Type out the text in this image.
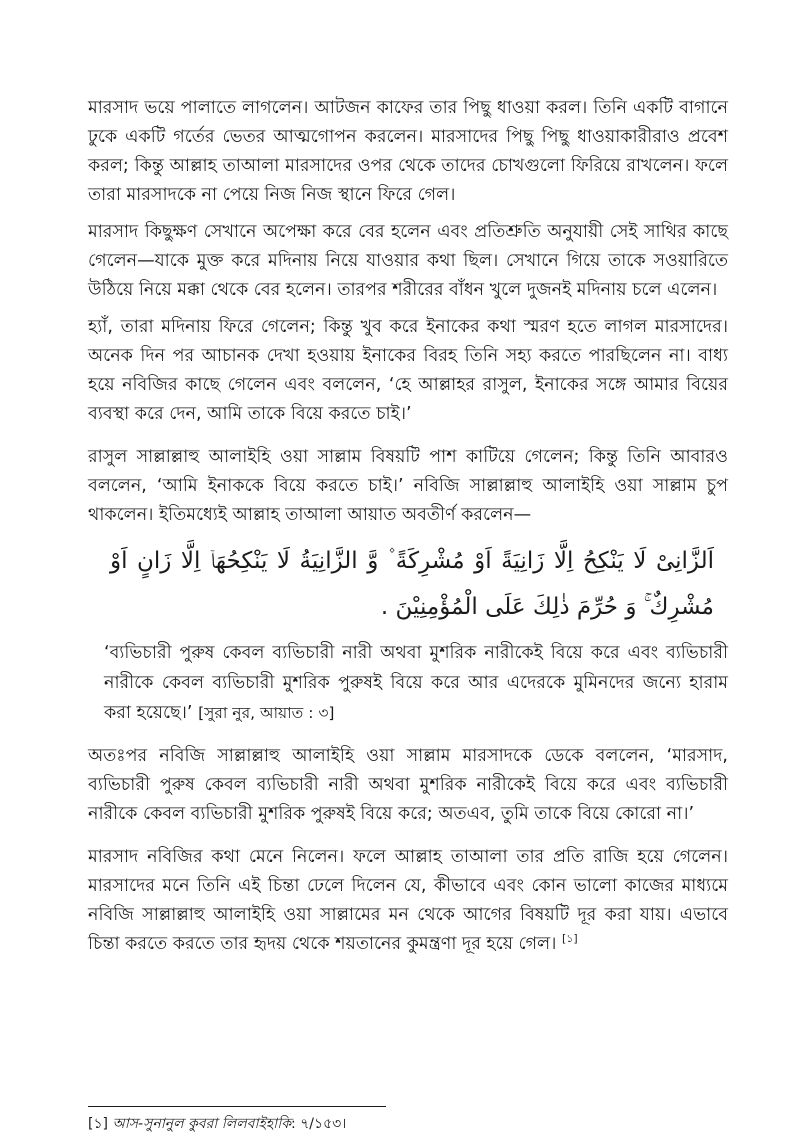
মারসাদ ভয়ে পালাতে লাগলেন। আটজন কাফের তার পিছু ধাওয়া করল। তিনি একটি বাগানে ঢুকে একটি গর্তের ভেতর আত্মগোপন করলেন। মারসাদের পিছু পিছু ধাওয়াকারীরাও প্রবেশ করল; কিন্তু আল্লাহ তাআলা মারসাদের ওপর থেকে তাদের চোখগুলো ফিরিয়ে রাখলেন। ফলে তারা মারসাদকে না পেয়ে নিজ নিজ স্থানে ফিরে গেল।

মারসাদ কিছুক্ষণ সেখানে অপেক্ষা করে বের হলেন এবং প্রতিশ্রুতি অনুযায়ী সেই সাথির কাছে গেলেন—যাকে মুক্ত করে মদিনায় নিয়ে যাওয়ার কথা ছিল। সেখানে গিয়ে তাকে সওয়ারিতে উঠিয়ে নিয়ে মক্কা থেকে বের হলেন। তারপর শরীরের বাঁধন খুলে দুজনই মদিনায় চলে এলেন।

হ্যাঁ, তারা মদিনায় ফিরে গেলেন; কিন্তু খুব করে ইনাকের কথা স্মরণ হতে লাগল মারসাদের। অনেক দিন পর আচানক দেখা হওয়ায় ইনাকের বিরহ তিনি সহ্য করতে পারছিলেন না। বাধ্য হয়ে নবিজির কাছে গেলেন এবং বললেন, ‘হে আল্লাহর রাসুল, ইনাকের সঙ্গে আমার বিয়ের ব্যবস্থা করে দেন, আমি তাকে বিয়ে করতে চাই।’

রাসুল সাল্লাল্লাহু আলাইহি ওয়া সাল্লাম বিষয়টি পাশ কাটিয়ে গেলেন; কিন্তু তিনি আবারও বললেন, ‘আমি ইনাককে বিয়ে করতে চাই।’ নবিজি সাল্লাল্লাহু আলাইহি ওয়া সাল্লাম চুপ থাকলেন। ইতিমধ্যেই আল্লাহ তাআলা আয়াত অবতীর্ণ করলেন—

اَلزَّانِیْ لَا یَنْكِحُ اِلَّا زَانِیَةً اَوْ مُشْرِكَةً ۫ وَّ الزَّانِیَةُ لَا یَنْكِحُهَاۤ اِلَّا زَانٍ اَوْ مُشْرِكٌ ۚ وَ حُرِّمَ ذٰلِكَ عَلَی الْمُؤْمِنِیْنَ .

‘ব্যভিচারী পুরুষ কেবল ব্যভিচারী নারী অথবা মুশরিক নারীকেই বিয়ে করে এবং ব্যভিচারী নারীকে কেবল ব্যভিচারী মুশরিক পুরুষই বিয়ে করে আর এদেরকে মুমিনদের জন্যে হারাম করা হয়েছে।’ [সুরা নুর, আয়াত : ৩]

অতঃপর নবিজি সাল্লাল্লাহু আলাইহি ওয়া সাল্লাম মারসাদকে ডেকে বললেন, ‘মারসাদ, ব্যভিচারী পুরুষ কেবল ব্যভিচারী নারী অথবা মুশরিক নারীকেই বিয়ে করে এবং ব্যভিচারী নারীকে কেবল ব্যভিচারী মুশরিক পুরুষই বিয়ে করে; অতএব, তুমি তাকে বিয়ে কোরো না।’

মারসাদ নবিজির কথা মেনে নিলেন। ফলে আল্লাহ তাআলা তার প্রতি রাজি হয়ে গেলেন। মারসাদের মনে তিনি এই চিন্তা ঢেলে দিলেন যে, কীভাবে এবং কোন ভালো কাজের মাধ্যমে নবিজি সাল্লাল্লাহু আলাইহি ওয়া সাল্লামের মন থেকে আগের বিষয়টি দূর করা যায়। এভাবে চিন্তা করতে করতে তার হৃদয় থেকে শয়তানের কুমন্ত্রণা দূর হয়ে গেল। [১]

[১] আস-সুনানুল কুবরা লিলবাইহাকি: ৭/১৫৩।
